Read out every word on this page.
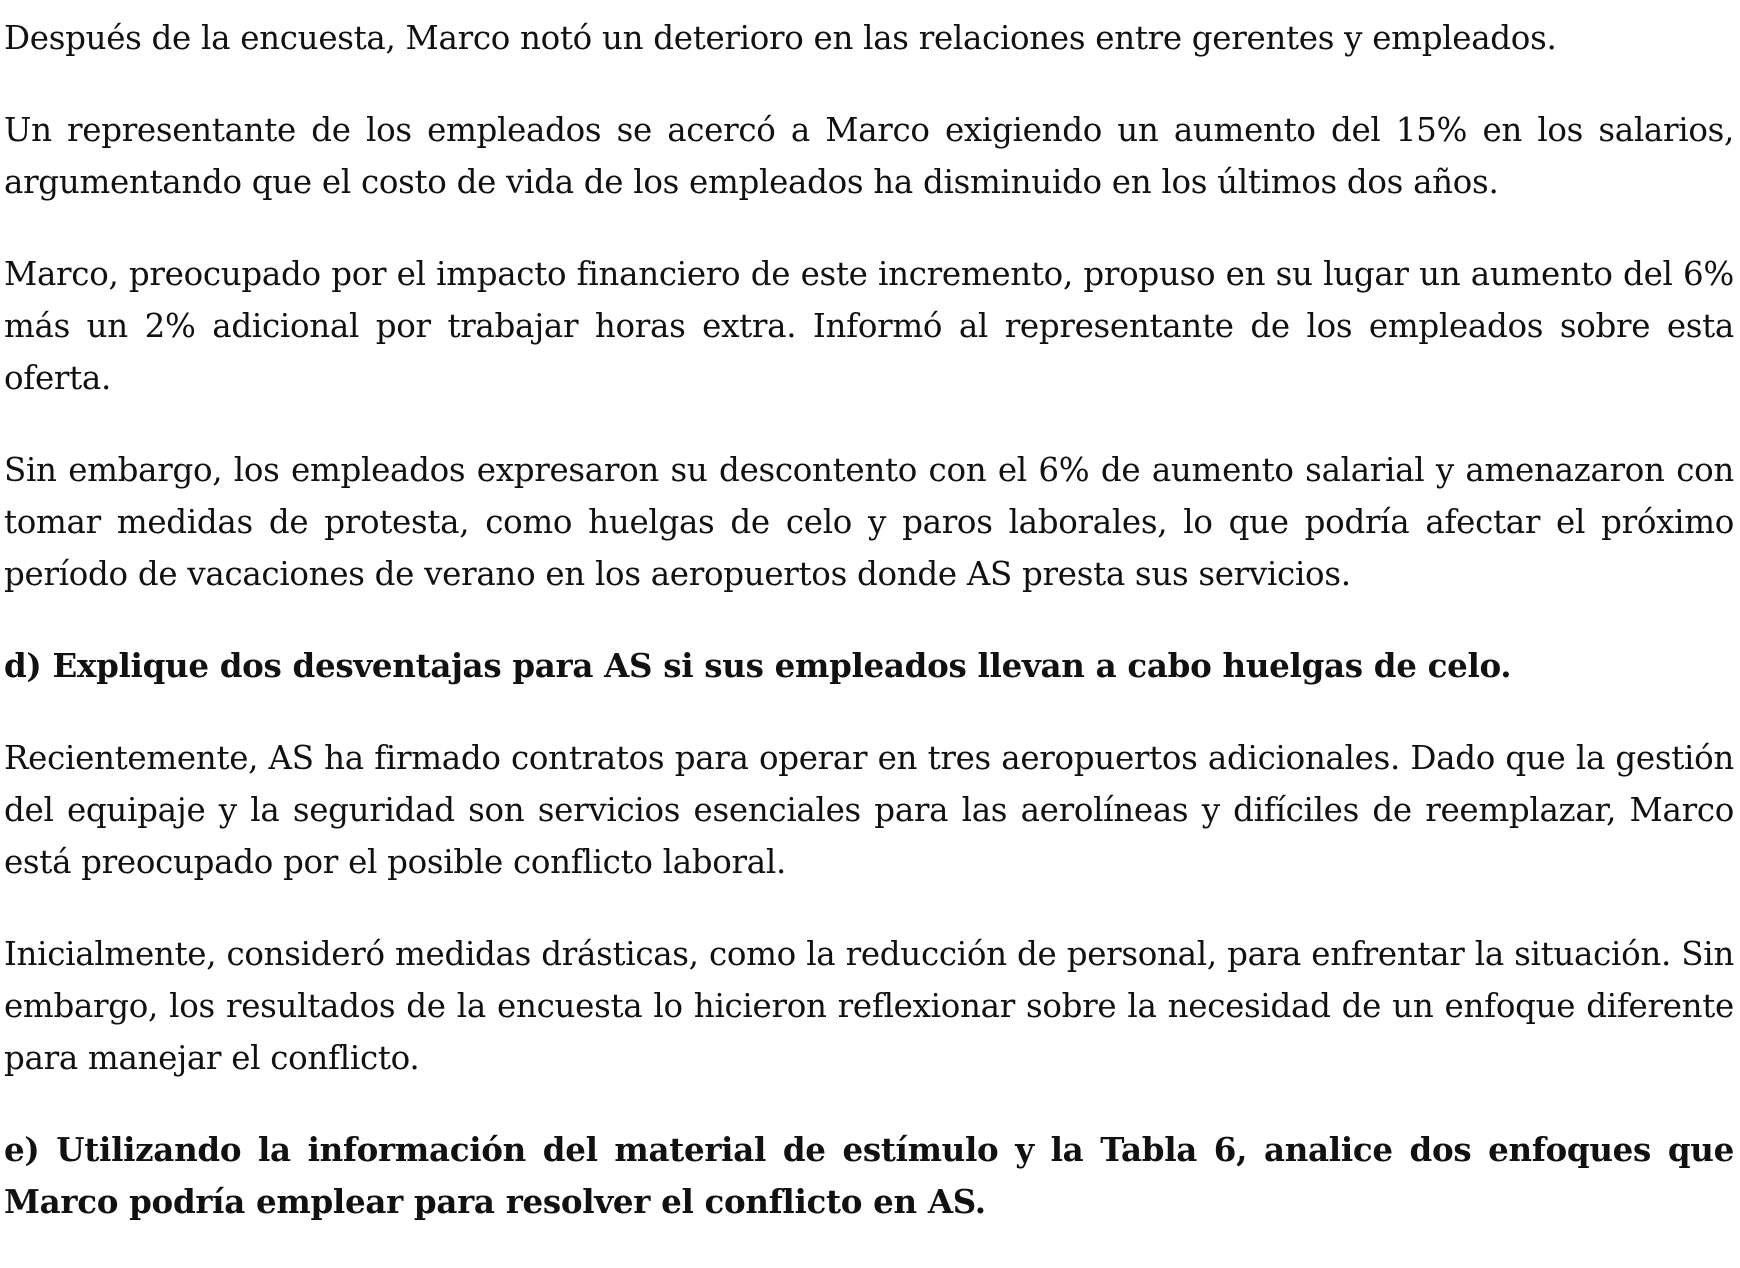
Después de la encuesta, Marco notó un deterioro en las relaciones entre gerentes y empleados.

Un representante de los empleados se acercó a Marco exigiendo un aumento del 15% en los salarios, argumentando que el costo de vida de los empleados ha disminuido en los últimos dos años.

Marco, preocupado por el impacto financiero de este incremento, propuso en su lugar un aumento del 6% más un 2% adicional por trabajar horas extra. Informó al representante de los empleados sobre esta oferta.

Sin embargo, los empleados expresaron su descontento con el 6% de aumento salarial y amenazaron con tomar medidas de protesta, como huelgas de celo y paros laborales, lo que podría afectar el próximo período de vacaciones de verano en los aeropuertos donde AS presta sus servicios.

d) Explique dos desventajas para AS si sus empleados llevan a cabo huelgas de celo.

Recientemente, AS ha firmado contratos para operar en tres aeropuertos adicionales. Dado que la gestión del equipaje y la seguridad son servicios esenciales para las aerolíneas y difíciles de reemplazar, Marco está preocupado por el posible conflicto laboral.

Inicialmente, consideró medidas drásticas, como la reducción de personal, para enfrentar la situación. Sin embargo, los resultados de la encuesta lo hicieron reflexionar sobre la necesidad de un enfoque diferente para manejar el conflicto.

e) Utilizando la información del material de estímulo y la Tabla 6, analice dos enfoques que Marco podría emplear para resolver el conflicto en AS.
